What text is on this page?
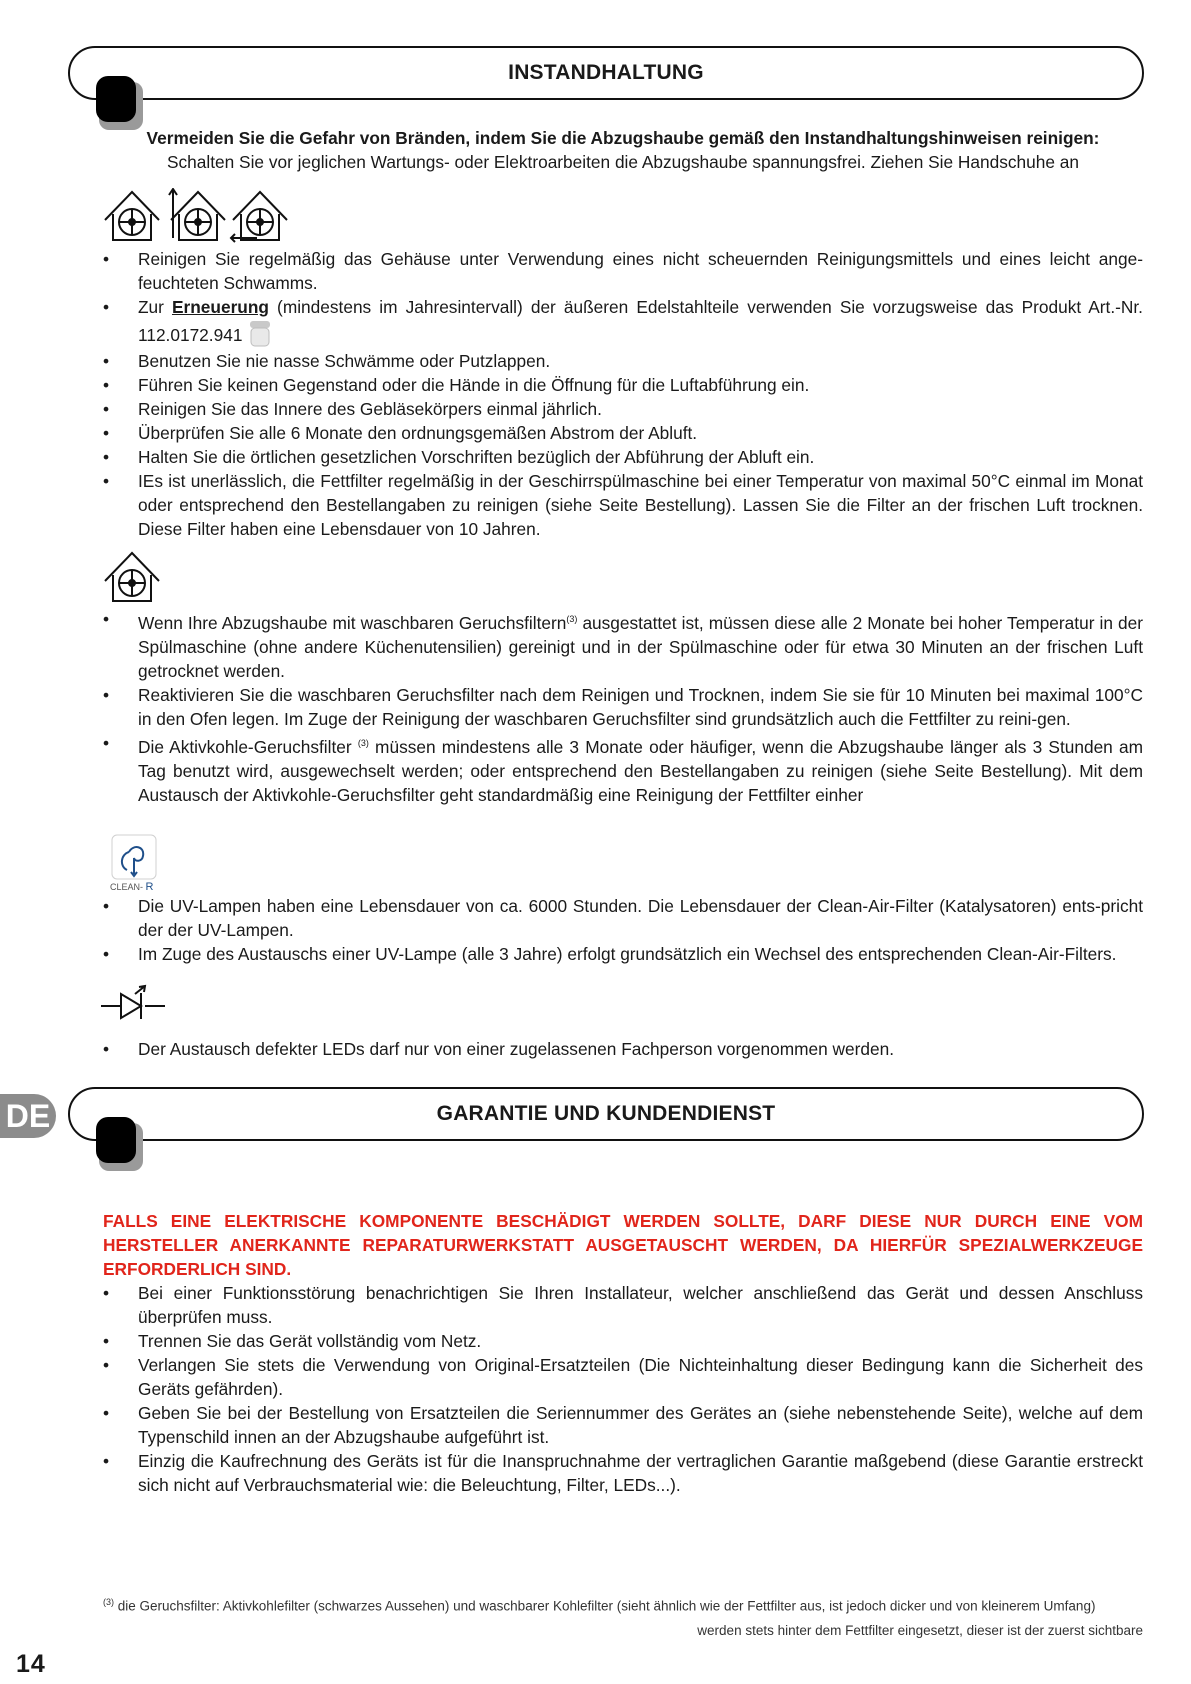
INSTANDHALTUNG
Vermeiden Sie die Gefahr von Bränden, indem Sie die Abzugshaube gemäß den Instandhaltungshinweisen reinigen:
Schalten Sie vor jeglichen Wartungs- oder Elektroarbeiten die Abzugshaube spannungsfrei. Ziehen Sie Handschuhe an
• Reinigen Sie regelmäßig das Gehäuse unter Verwendung eines nicht scheuernden Reinigungsmittels und eines leicht ange-feuchteten Schwamms.
• Zur Erneuerung (mindestens im Jahresintervall) der äußeren Edelstahlteile verwenden Sie vorzugsweise das Produkt Art.-Nr. 112.0172.941
• Benutzen Sie nie nasse Schwämme oder Putzlappen.
• Führen Sie keinen Gegenstand oder die Hände in die Öffnung für die Luftabführung ein.
• Reinigen Sie das Innere des Gebläsekörpers einmal jährlich.
• Überprüfen Sie alle 6 Monate den ordnungsgemäßen Abstrom der Abluft.
• Halten Sie die örtlichen gesetzlichen Vorschriften bezüglich der Abführung der Abluft ein.
• IEs ist unerlässlich, die Fettfilter regelmäßig in der Geschirrspülmaschine bei einer Temperatur von maximal 50°C einmal im Monat oder entsprechend den Bestellangaben zu reinigen (siehe Seite Bestellung). Lassen Sie die Filter an der frischen Luft trocknen. Diese Filter haben eine Lebensdauer von 10 Jahren.
• Wenn Ihre Abzugshaube mit waschbaren Geruchsfiltern$^{(3)}$ ausgestattet ist, müssen diese alle 2 Monate bei hoher Temperatur in der Spülmaschine (ohne andere Küchenutensilien) gereinigt und in der Spülmaschine oder für etwa 30 Minuten an der frischen Luft getrocknet werden.
• Reaktivieren Sie die waschbaren Geruchsfilter nach dem Reinigen und Trocknen, indem Sie sie für 10 Minuten bei maximal 100°C in den Ofen legen. Im Zuge der Reinigung der waschbaren Geruchsfilter sind grundsätzlich auch die Fettfilter zu reini-gen.
• Die Aktivkohle-Geruchsfilter $^{(3)}$ müssen mindestens alle 3 Monate oder häufiger, wenn die Abzugshaube länger als 3 Stunden am Tag benutzt wird, ausgewechselt werden; oder entsprechend den Bestellangaben zu reinigen (siehe Seite Bestellung). Mit dem Austausch der Aktivkohle-Geruchsfilter geht standardmäßig eine Reinigung der Fettfilter einher
CLEAN- R
• Die UV-Lampen haben eine Lebensdauer von ca. 6000 Stunden. Die Lebensdauer der Clean-Air-Filter (Katalysatoren) ents-pricht der der UV-Lampen.
• Im Zuge des Austauschs einer UV-Lampe (alle 3 Jahre) erfolgt grundsätzlich ein Wechsel des entsprechenden Clean-Air-Filters.
• Der Austausch defekter LEDs darf nur von einer zugelassenen Fachperson vorgenommen werden.
DE	GARANTIE UND KUNDENDIENST
FALLS EINE ELEKTRISCHE KOMPONENTE BESCHÄDIGT WERDEN SOLLTE, DARF DIESE NUR DURCH EINE VOM HERSTELLER ANERKANNTE REPARATURWERKSTATT AUSGETAUSCHT WERDEN, DA HIERFÜR SPEZIALWERKZEUGE ERFORDERLICH SIND.
• Bei einer Funktionsstörung benachrichtigen Sie Ihren Installateur, welcher anschließend das Gerät und dessen Anschluss überprüfen muss.
• Trennen Sie das Gerät vollständig vom Netz.
• Verlangen Sie stets die Verwendung von Original-Ersatzteilen (Die Nichteinhaltung dieser Bedingung kann die Sicherheit des Geräts gefährden).
• Geben Sie bei der Bestellung von Ersatzteilen die Seriennummer des Gerätes an (siehe nebenstehende Seite), welche auf dem Typenschild innen an der Abzugshaube aufgeführt ist.
• Einzig die Kaufrechnung des Geräts ist für die Inanspruchnahme der vertraglichen Garantie maßgebend (diese Garantie erstreckt sich nicht auf Verbrauchsmaterial wie: die Beleuchtung, Filter, LEDs...).
$^{(3)}$ die Geruchsfilter: Aktivkohlefilter (schwarzes Aussehen) und waschbarer Kohlefilter (sieht ähnlich wie der Fettfilter aus, ist jedoch dicker und von kleinerem Umfang)
werden stets hinter dem Fettfilter eingesetzt, dieser ist der zuerst sichtbare
14
